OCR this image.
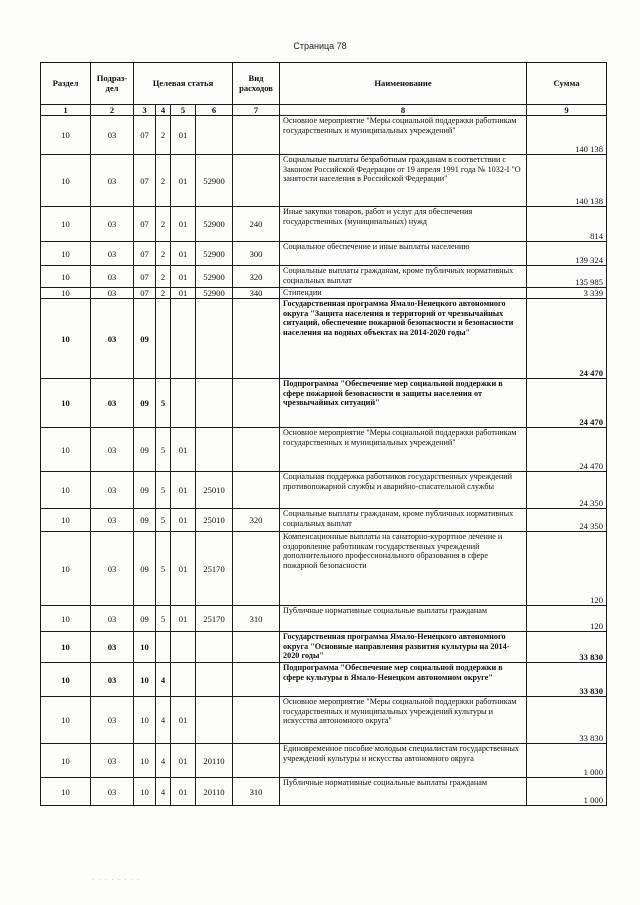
Страница 78
Раздел	Подраз- дел	Целевая статья				Вид расходов	Наименование	Сумма
1	2	3	4	5	6	7	8	9
10	03	07	2	01			Основное мероприятие "Меры социальной поддержки работникам государственных и муниципальных учреждений"	140 138
10	03	07	2	01	52900		Социальные выплаты безработным гражданам в соответствии с Законом Российской Федерации от 19 апреля 1991 года № 1032-I "О занятости населения в Российской Федерации"	140 138
10	03	07	2	01	52900	240	Иные закупки товаров, работ и услуг для обеспечения государственных (муниципальных) нужд	814
10	03	07	2	01	52900	300	Социальное обеспечение и иные выплаты населению	139 324
10	03	07	2	01	52900	320	Социальные выплаты гражданам, кроме публичных нормативных социальных выплат	135 985
10	03	07	2	01	52900	340	Стипендии	3 339
10	03	09					Государственная программа Ямало-Ненецкого автономного округа "Защита населения и территорий от чрезвычайных ситуаций, обеспечение пожарной безопасности и безопасности населения на водных объектах на 2014-2020 годы"	24 470
10	03	09	5				Подпрограмма "Обеспечение мер социальной поддержки в сфере пожарной безопасности и защиты населения от чрезвычайных ситуаций"	24 470
10	03	09	5	01			Основное мероприятие "Меры социальной поддержки работникам государственных и муниципальных учреждений"	24 470
10	03	09	5	01	25010		Социальная поддержка работников государственных учреждений противопожарной службы и аварийно-спасательной службы	24 350
10	03	09	5	01	25010	320	Социальные выплаты гражданам, кроме публичных нормативных социальных выплат	24 350
10	03	09	5	01	25170		Компенсационные выплаты на санаторно-курортное лечение и оздоровление работникам государственных учреждений дополнительного профессионального образования в сфере пожарной безопасности	120
10	03	09	5	01	25170	310	Публичные нормативные социальные выплаты гражданам	120
10	03	10					Государственная программа Ямало-Ненецкого автономного округа "Основные направления развития культуры на 2014-2020 годы"	33 830
10	03	10	4				Подпрограмма "Обеспечение мер социальной поддержки в сфере культуры в Ямало-Ненецком автономном округе"	33 830
10	03	10	4	01			Основное мероприятие "Меры социальной поддержки работникам государственных и муниципальных учреждений культуры и искусства автономного округа"	33 830
10	03	10	4	01	20110		Единовременное пособие молодым специалистам государственных учреждений культуры и искусства автономного округа	1 000
10	03	10	4	01	20110	310	Публичные нормативные социальные выплаты гражданам	1 000
· · · · · · · ·
